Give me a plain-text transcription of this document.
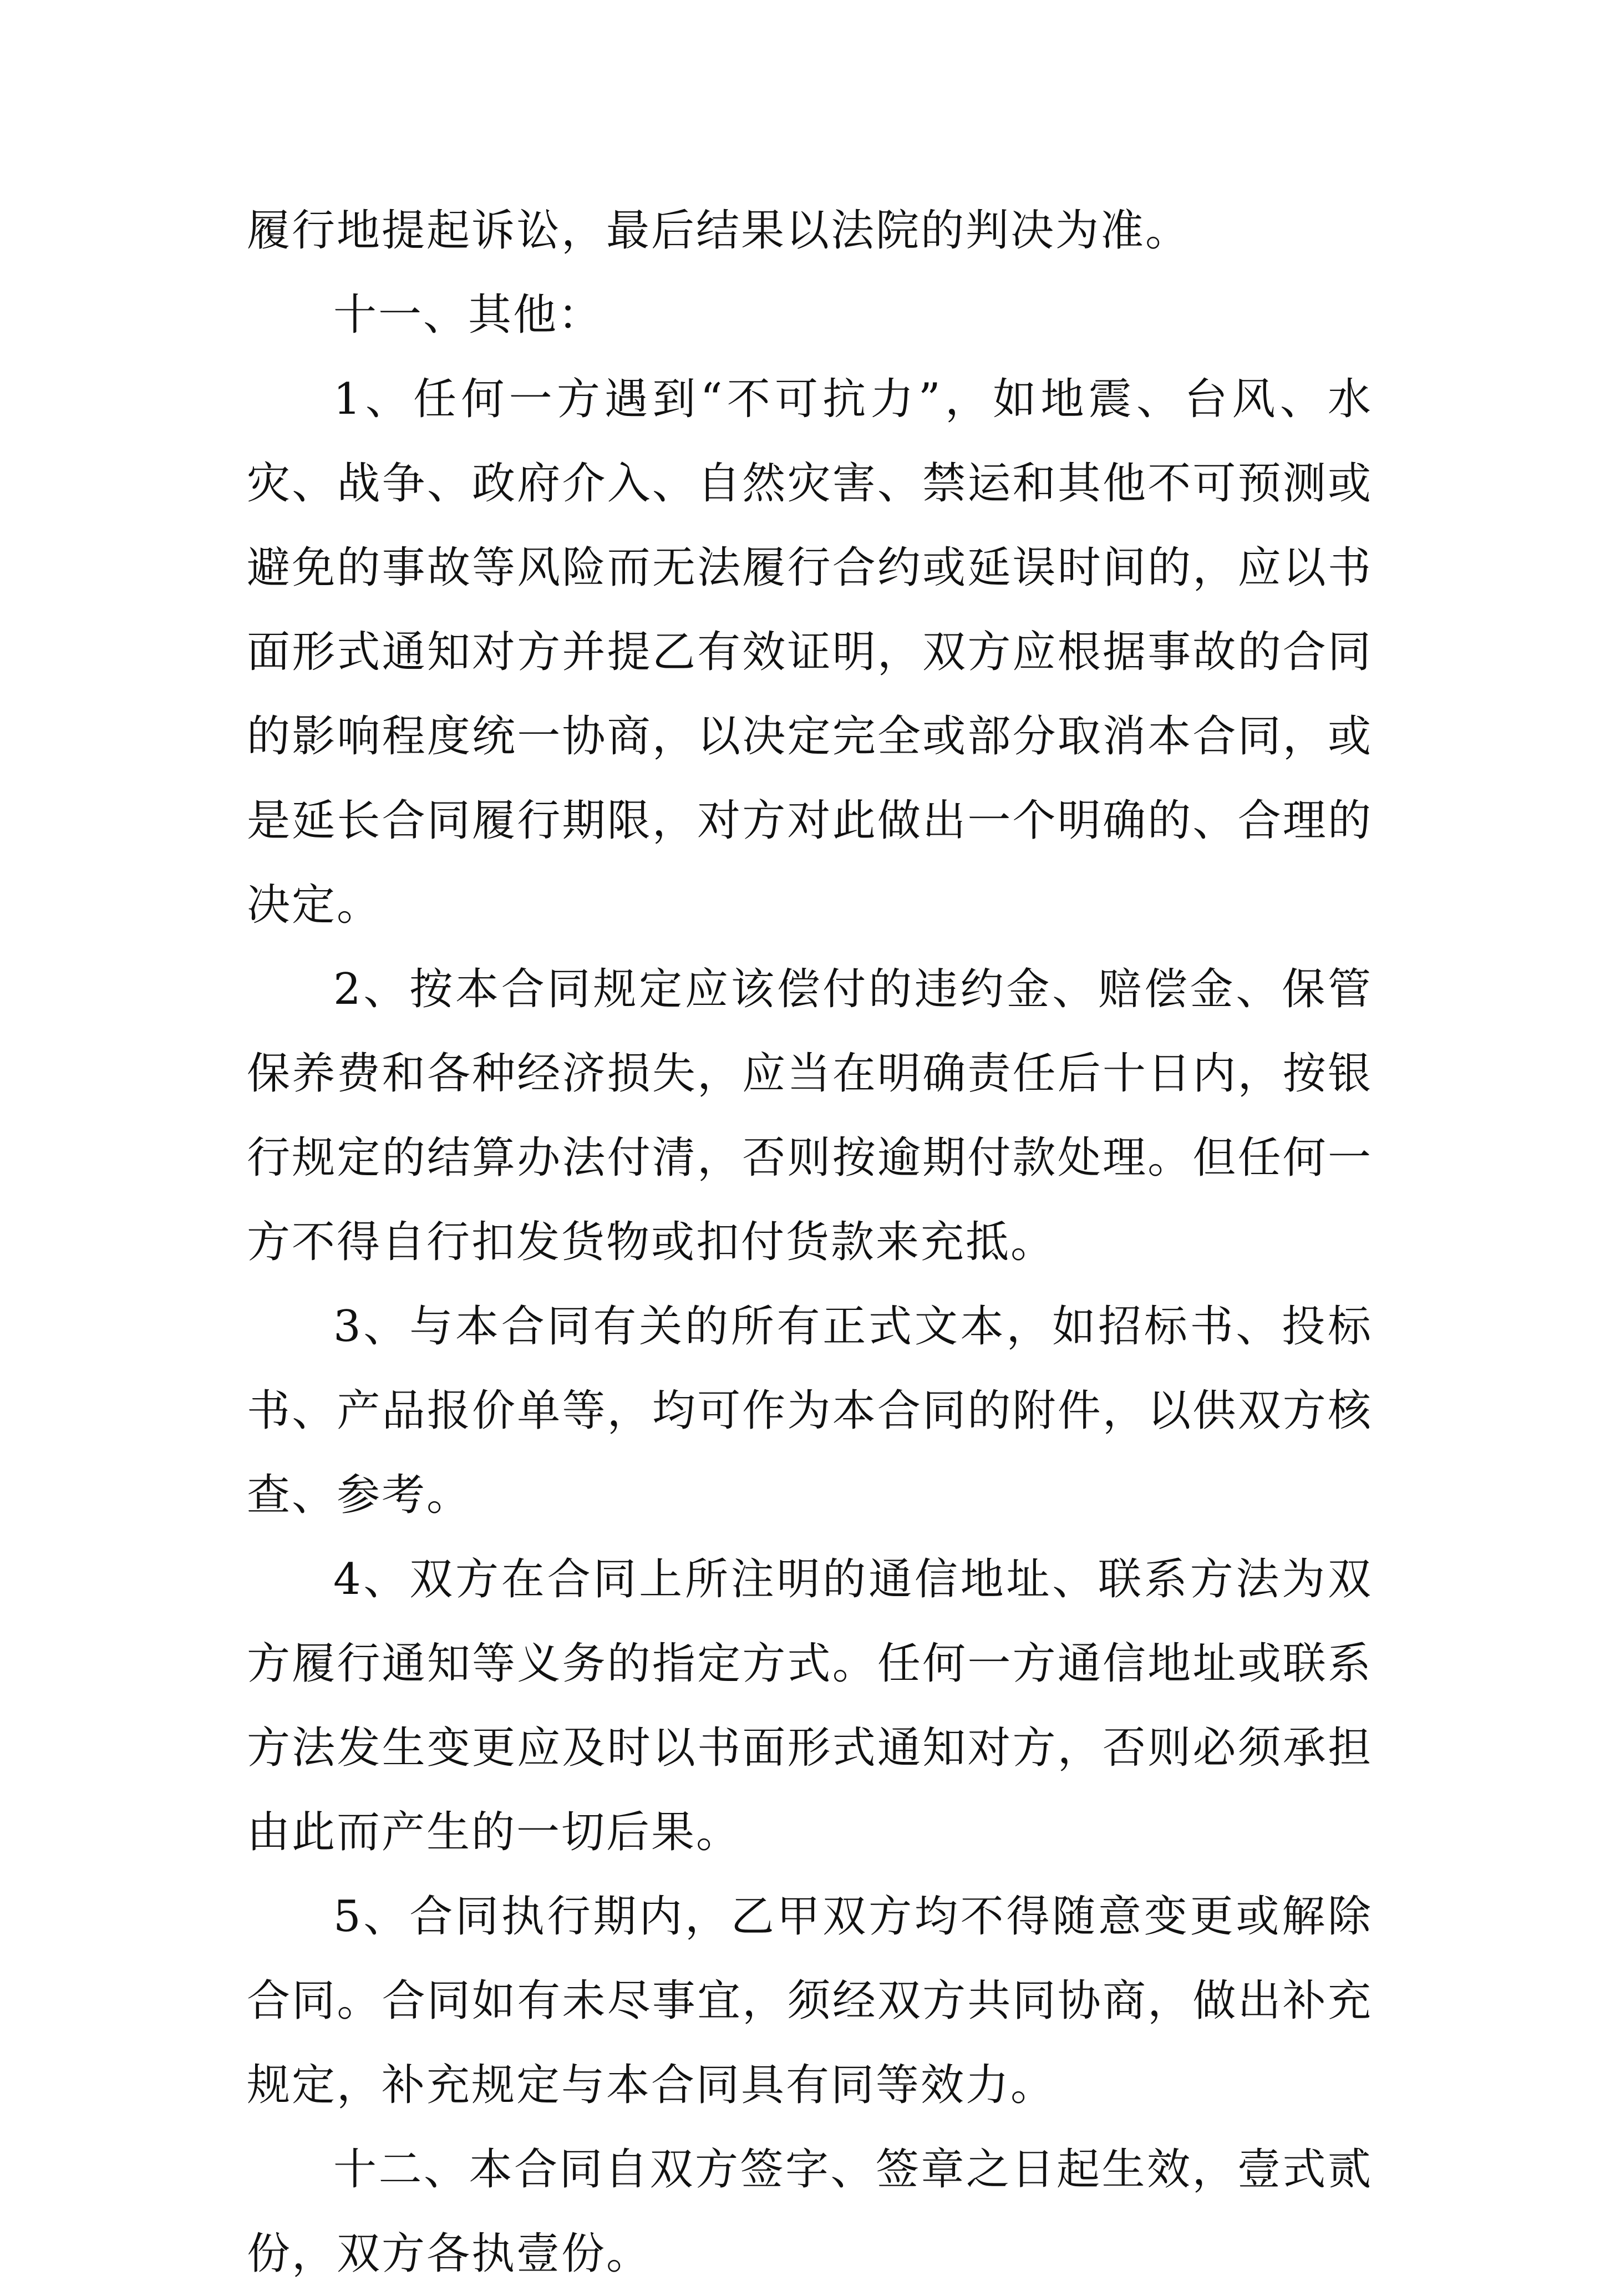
履行地提起诉讼，最后结果以法院的判决为准。

十一、其他：

1、任何一方遇到“不可抗力”，如地震、台风、水灾、战争、政府介入、自然灾害、禁运和其他不可预测或避免的事故等风险而无法履行合约或延误时间的，应以书面形式通知对方并提乙有效证明，双方应根据事故的合同的影响程度统一协商，以决定完全或部分取消本合同，或是延长合同履行期限，对方对此做出一个明确的、合理的决定。

2、按本合同规定应该偿付的违约金、赔偿金、保管保养费和各种经济损失，应当在明确责任后十日内，按银行规定的结算办法付清，否则按逾期付款处理。但任何一方不得自行扣发货物或扣付货款来充抵。

3、与本合同有关的所有正式文本，如招标书、投标书、产品报价单等，均可作为本合同的附件，以供双方核查、参考。

4、双方在合同上所注明的通信地址、联系方法为双方履行通知等义务的指定方式。任何一方通信地址或联系方法发生变更应及时以书面形式通知对方，否则必须承担由此而产生的一切后果。

5、合同执行期内，乙甲双方均不得随意变更或解除合同。合同如有未尽事宜，须经双方共同协商，做出补充规定，补充规定与本合同具有同等效力。

十二、本合同自双方签字、签章之日起生效，壹式贰份，双方各执壹份。
